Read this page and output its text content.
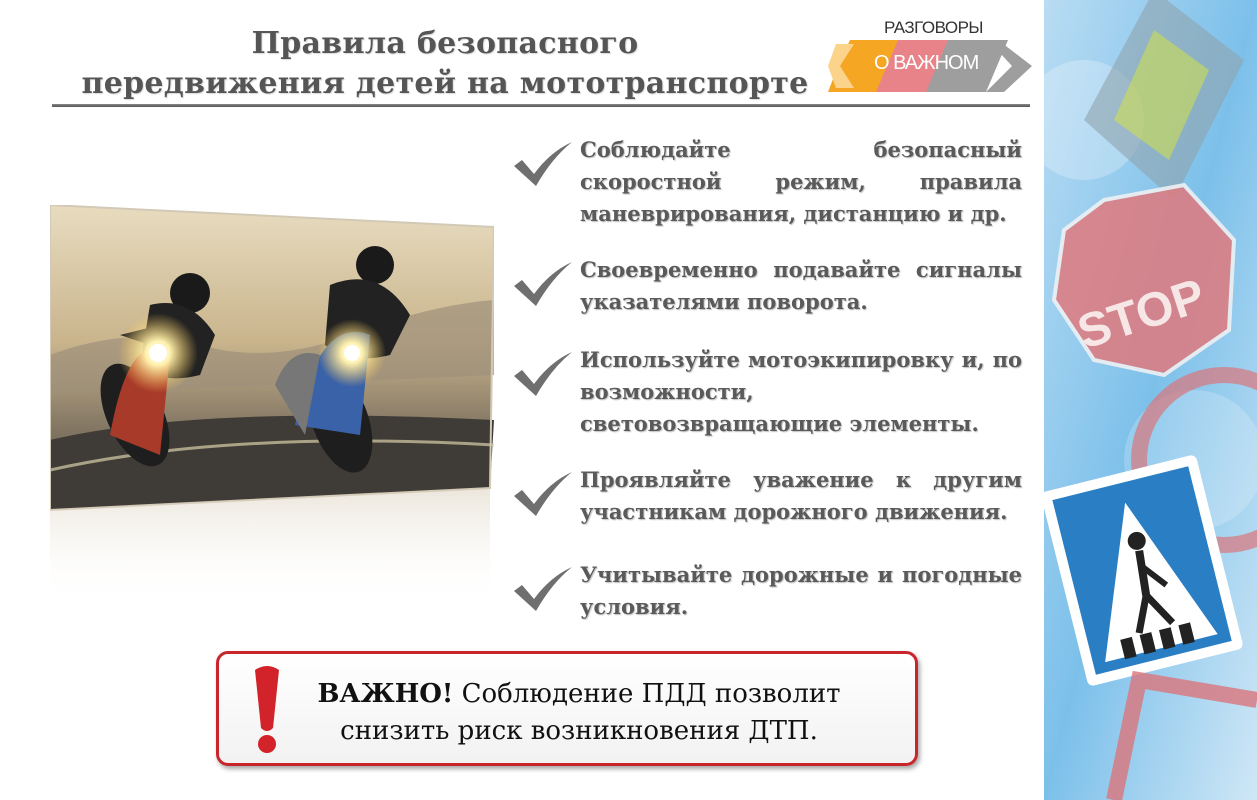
Правила безопасного
передвижения детей на мототранспорте
РАЗГОВОРЫ
О ВАЖНОМ
STOP
Соблюдайте безопасный скоростной режим, правила маневрирования, дистанцию и др.
Своевременно подавайте сигналы указателями поворота.
Используйте мотоэкипировку и, по возможности, световозвращающие элементы.
Проявляйте уважение к другим участникам дорожного движения.
Учитывайте дорожные и погодные условия.
ВАЖНО! Соблюдение ПДД позволит
снизить риск возникновения ДТП.
